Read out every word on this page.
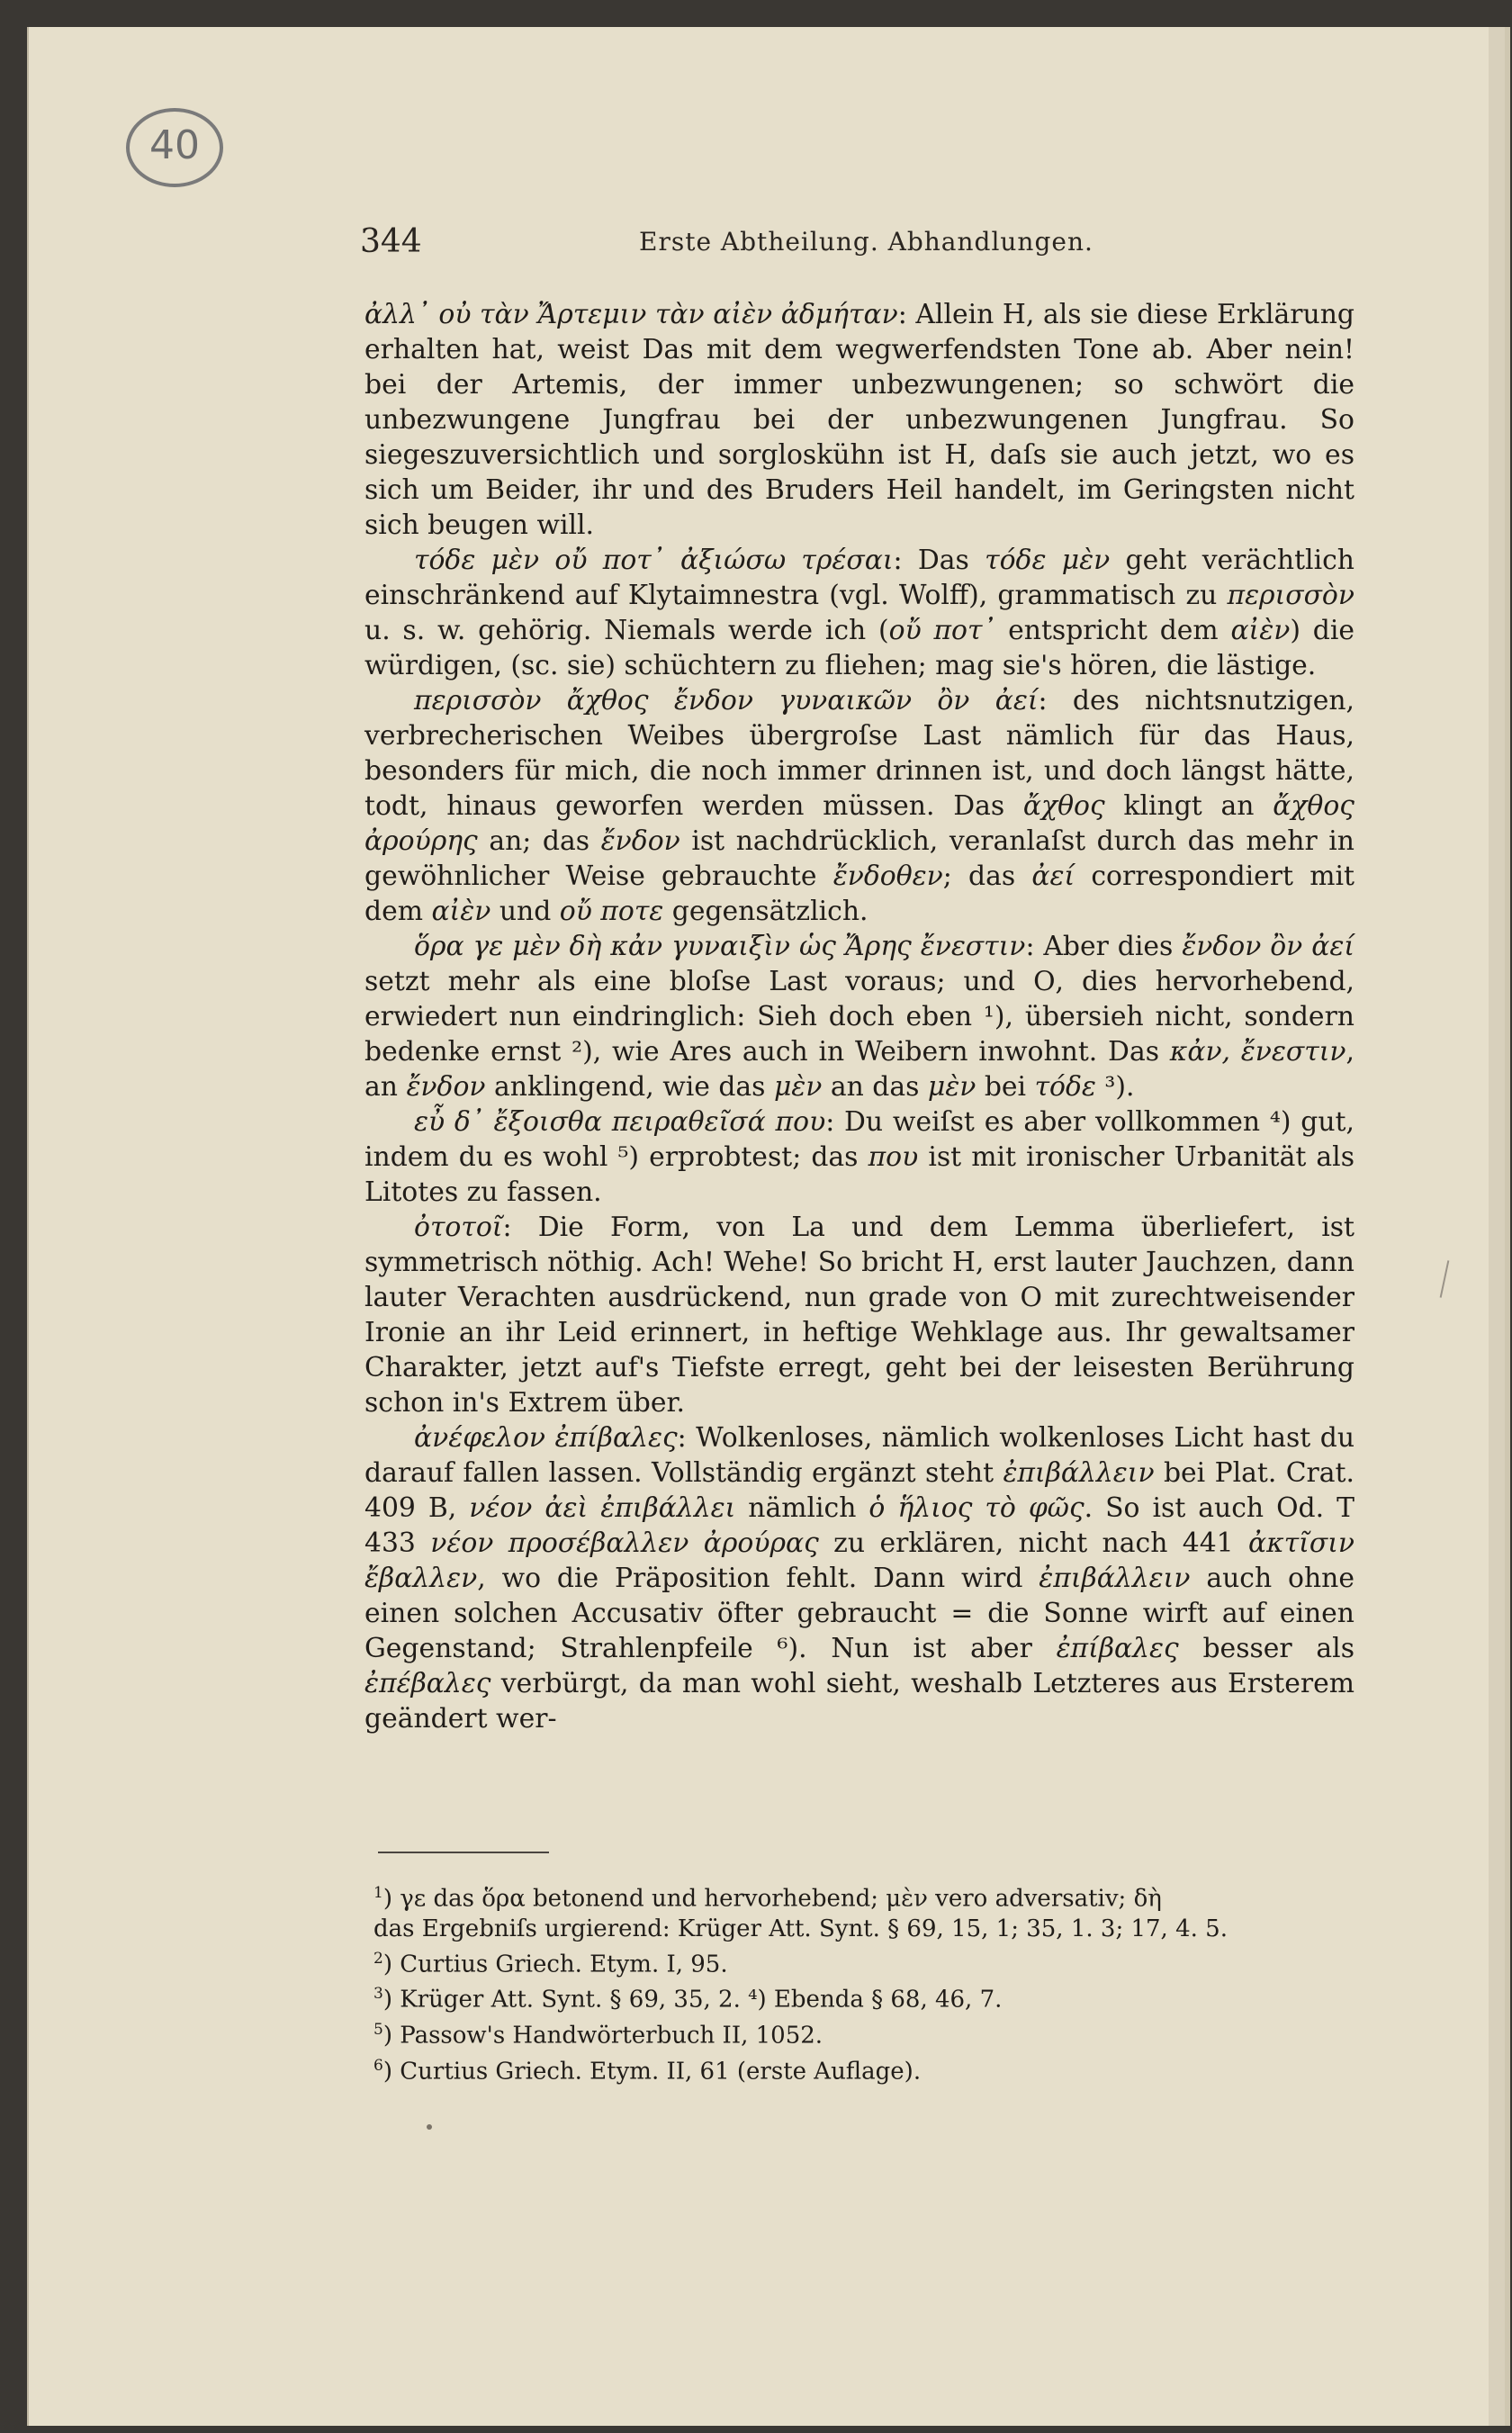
40
344	Erste Abtheilung. Abhandlungen.

ἀλλ᾽ οὐ τὰν Ἄρτεμιν τὰν αἰὲν ἀδμήταν: Allein Η, als sie diese Erklärung erhalten hat, weist Das mit dem wegwerfendsten Tone ab. Aber nein! bei der Artemis, der immer unbezwungenen; so schwört die unbezwungene Jungfrau bei der unbezwungenen Jungfrau. So siegeszuversichtlich und sorgloskühn ist Η, daſs sie auch jetzt, wo es sich um Beider, ihr und des Bruders Heil handelt, im Geringsten nicht sich beugen will.

τόδε μὲν οὔ ποτ᾽ ἀξιώσω τρέσαι: Das τόδε μὲν geht verächtlich einschränkend auf Klytaimnestra (vgl. Wolff), grammatisch zu περισσὸν u. s. w. gehörig. Niemals werde ich (οὔ ποτ᾽ entspricht dem αἰὲν) die würdigen, (sc. sie) schüchtern zu fliehen; mag sie's hören, die lästige.

περισσὸν ἄχθος ἔνδον γυναικῶν ὂν ἀεί: des nichtsnutzigen, verbrecherischen Weibes übergroſse Last nämlich für das Haus, besonders für mich, die noch immer drinnen ist, und doch längst hätte, todt, hinaus geworfen werden müssen. Das ἄχθος klingt an ἄχθος ἀρούρης an; das ἔνδον ist nachdrücklich, veranlaſst durch das mehr in gewöhnlicher Weise gebrauchte ἔνδοθεν; das ἀεί correspondiert mit dem αἰὲν und οὔ ποτε gegensätzlich.

ὅρα γε μὲν δὴ κἀν γυναιξὶν ὡς Ἄρης ἔνεστιν: Aber dies ἔνδον ὂν ἀεί setzt mehr als eine bloſse Last voraus; und Ο, dies hervorhebend, erwiedert nun eindringlich: Sieh doch eben ¹), übersieh nicht, sondern bedenke ernst ²), wie Ares auch in Weibern inwohnt. Das κἀν, ἔνεστιν, an ἔνδον anklingend, wie das μὲν an das μὲν bei τόδε ³).

εὖ δ᾽ ἔξοισθα πειραθεῖσά που: Du weiſst es aber vollkommen ⁴) gut, indem du es wohl ⁵) erprobtest; das που ist mit ironischer Urbanität als Litotes zu fassen.

ὀτοτοῖ: Die Form, von La und dem Lemma überliefert, ist symmetrisch nöthig. Ach! Wehe! So bricht Η, erst lauter Jauchzen, dann lauter Verachten ausdrückend, nun grade von Ο mit zurechtweisender Ironie an ihr Leid erinnert, in heftige Wehklage aus. Ihr gewaltsamer Charakter, jetzt auf's Tiefste erregt, geht bei der leisesten Berührung schon in's Extrem über.

ἀνέφελον ἐπίβαλες: Wolkenloses, nämlich wolkenloses Licht hast du darauf fallen lassen. Vollständig ergänzt steht ἐπιβάλλειν bei Plat. Crat. 409 B, νέον ἀεὶ ἐπιβάλλει nämlich ὁ ἥλιος τὸ φῶς. So ist auch Od. T 433 νέον προσέβαλλεν ἀρούρας zu erklären, nicht nach 441 ἀκτῖσιν ἔβαλλεν, wo die Präposition fehlt. Dann wird ἐπιβάλλειν auch ohne einen solchen Accusativ öfter gebraucht = die Sonne wirft auf einen Gegenstand; Strahlenpfeile ⁶). Nun ist aber ἐπίβαλες besser als ἐπέβαλες verbürgt, da man wohl sieht, weshalb Letzteres aus Ersterem geändert wer-

$^1$) γε das ὅρα betonend und hervorhebend; μὲν vero adversativ; δὴ
das Ergebniſs urgierend: Krüger Att. Synt. § 69, 15, 1; 35, 1. 3; 17, 4. 5.
$^2$) Curtius Griech. Etym. I, 95.
$^3$) Krüger Att. Synt. § 69, 35, 2. ⁴) Ebenda § 68, 46, 7.
$^5$) Passow's Handwörterbuch II, 1052.
$^6$) Curtius Griech. Etym. II, 61 (erste Auflage).
